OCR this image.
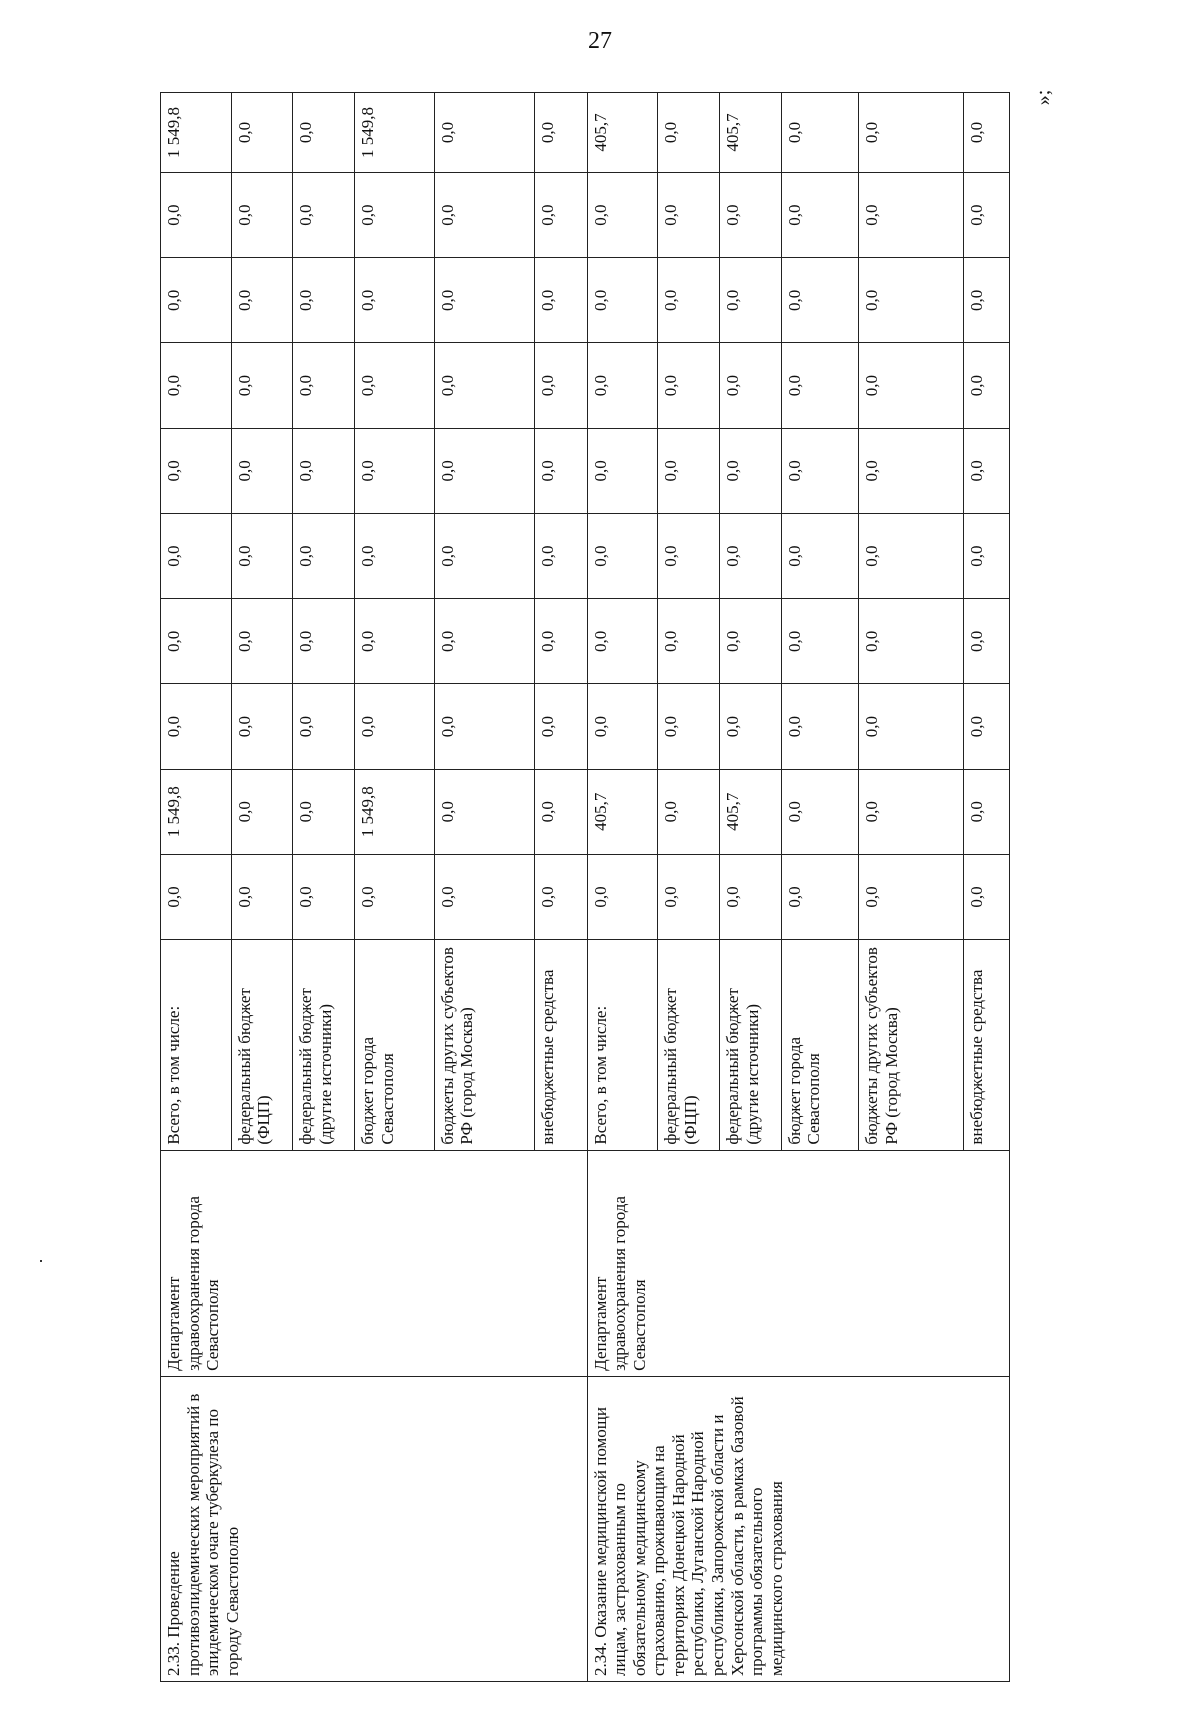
27
»;
2.33. Проведение противоэпидемических мероприятий в эпидемическом очаге туберкулеза по городу Севастополю	Департамент здравоохранения города Севастополя	Всего, в том числе:	0,0	1 549,8	0,0	0,0	0,0	0,0	0,0	0,0	0,0	1 549,8
		федеральный бюджет (ФЦП)	0,0	0,0	0,0	0,0	0,0	0,0	0,0	0,0	0,0	0,0
		федеральный бюджет (другие источники)	0,0	0,0	0,0	0,0	0,0	0,0	0,0	0,0	0,0	0,0
		бюджет города Севастополя	0,0	1 549,8	0,0	0,0	0,0	0,0	0,0	0,0	0,0	1 549,8
		бюджеты других субъектов РФ (город Москва)	0,0	0,0	0,0	0,0	0,0	0,0	0,0	0,0	0,0	0,0
		внебюджетные средства	0,0	0,0	0,0	0,0	0,0	0,0	0,0	0,0	0,0	0,0
2.34. Оказание медицинской помощи лицам, застрахованным по обязательному медицинскому страхованию, проживающим на территориях Донецкой Народной республики, Луганской Народной республики, Запорожской области и Херсонской области, в рамках базовой программы обязательного медицинского страхования	Департамент здравоохранения города Севастополя	Всего, в том числе:	0,0	405,7	0,0	0,0	0,0	0,0	0,0	0,0	0,0	405,7
		федеральный бюджет (ФЦП)	0,0	0,0	0,0	0,0	0,0	0,0	0,0	0,0	0,0	0,0
		федеральный бюджет (другие источники)	0,0	405,7	0,0	0,0	0,0	0,0	0,0	0,0	0,0	405,7
		бюджет города Севастополя	0,0	0,0	0,0	0,0	0,0	0,0	0,0	0,0	0,0	0,0
		бюджеты других субъектов РФ (город Москва)	0,0	0,0	0,0	0,0	0,0	0,0	0,0	0,0	0,0	0,0
		внебюджетные средства	0,0	0,0	0,0	0,0	0,0	0,0	0,0	0,0	0,0	0,0
